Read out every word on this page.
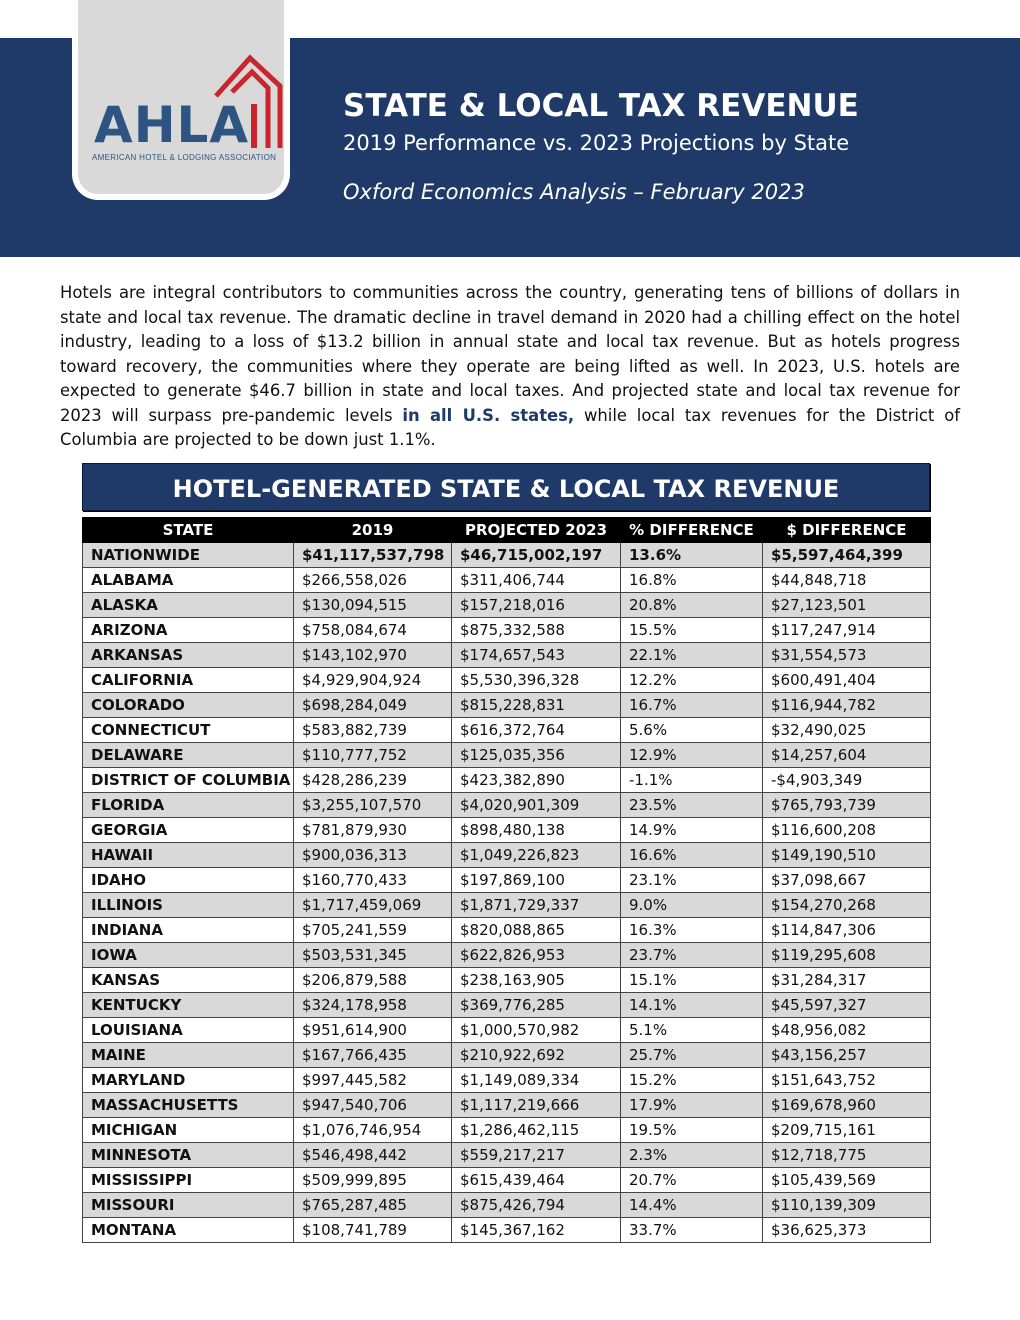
AHLA
AMERICAN HOTEL & LODGING ASSOCIATION
STATE & LOCAL TAX REVENUE
2019 Performance vs. 2023 Projections by State
Oxford Economics Analysis – February 2023

Hotels are integral contributors to communities across the country, generating tens of billions of dollars in state and local tax revenue. The dramatic decline in travel demand in 2020 had a chilling effect on the hotel industry, leading to a loss of $13.2 billion in annual state and local tax revenue. But as hotels progress toward recovery, the communities where they operate are being lifted as well. In 2023, U.S. hotels are expected to generate $46.7 billion in state and local taxes. And projected state and local tax revenue for 2023 will surpass pre-pandemic levels in all U.S. states, while local tax revenues for the District of Columbia are projected to be down just 1.1%.

HOTEL-GENERATED STATE & LOCAL TAX REVENUE
STATE	2019	PROJECTED 2023	% DIFFERENCE	$ DIFFERENCE
NATIONWIDE	$41,117,537,798	$46,715,002,197	13.6%	$5,597,464,399
ALABAMA	$266,558,026	$311,406,744	16.8%	$44,848,718
ALASKA	$130,094,515	$157,218,016	20.8%	$27,123,501
ARIZONA	$758,084,674	$875,332,588	15.5%	$117,247,914
ARKANSAS	$143,102,970	$174,657,543	22.1%	$31,554,573
CALIFORNIA	$4,929,904,924	$5,530,396,328	12.2%	$600,491,404
COLORADO	$698,284,049	$815,228,831	16.7%	$116,944,782
CONNECTICUT	$583,882,739	$616,372,764	5.6%	$32,490,025
DELAWARE	$110,777,752	$125,035,356	12.9%	$14,257,604
DISTRICT OF COLUMBIA	$428,286,239	$423,382,890	-1.1%	-$4,903,349
FLORIDA	$3,255,107,570	$4,020,901,309	23.5%	$765,793,739
GEORGIA	$781,879,930	$898,480,138	14.9%	$116,600,208
HAWAII	$900,036,313	$1,049,226,823	16.6%	$149,190,510
IDAHO	$160,770,433	$197,869,100	23.1%	$37,098,667
ILLINOIS	$1,717,459,069	$1,871,729,337	9.0%	$154,270,268
INDIANA	$705,241,559	$820,088,865	16.3%	$114,847,306
IOWA	$503,531,345	$622,826,953	23.7%	$119,295,608
KANSAS	$206,879,588	$238,163,905	15.1%	$31,284,317
KENTUCKY	$324,178,958	$369,776,285	14.1%	$45,597,327
LOUISIANA	$951,614,900	$1,000,570,982	5.1%	$48,956,082
MAINE	$167,766,435	$210,922,692	25.7%	$43,156,257
MARYLAND	$997,445,582	$1,149,089,334	15.2%	$151,643,752
MASSACHUSETTS	$947,540,706	$1,117,219,666	17.9%	$169,678,960
MICHIGAN	$1,076,746,954	$1,286,462,115	19.5%	$209,715,161
MINNESOTA	$546,498,442	$559,217,217	2.3%	$12,718,775
MISSISSIPPI	$509,999,895	$615,439,464	20.7%	$105,439,569
MISSOURI	$765,287,485	$875,426,794	14.4%	$110,139,309
MONTANA	$108,741,789	$145,367,162	33.7%	$36,625,373
